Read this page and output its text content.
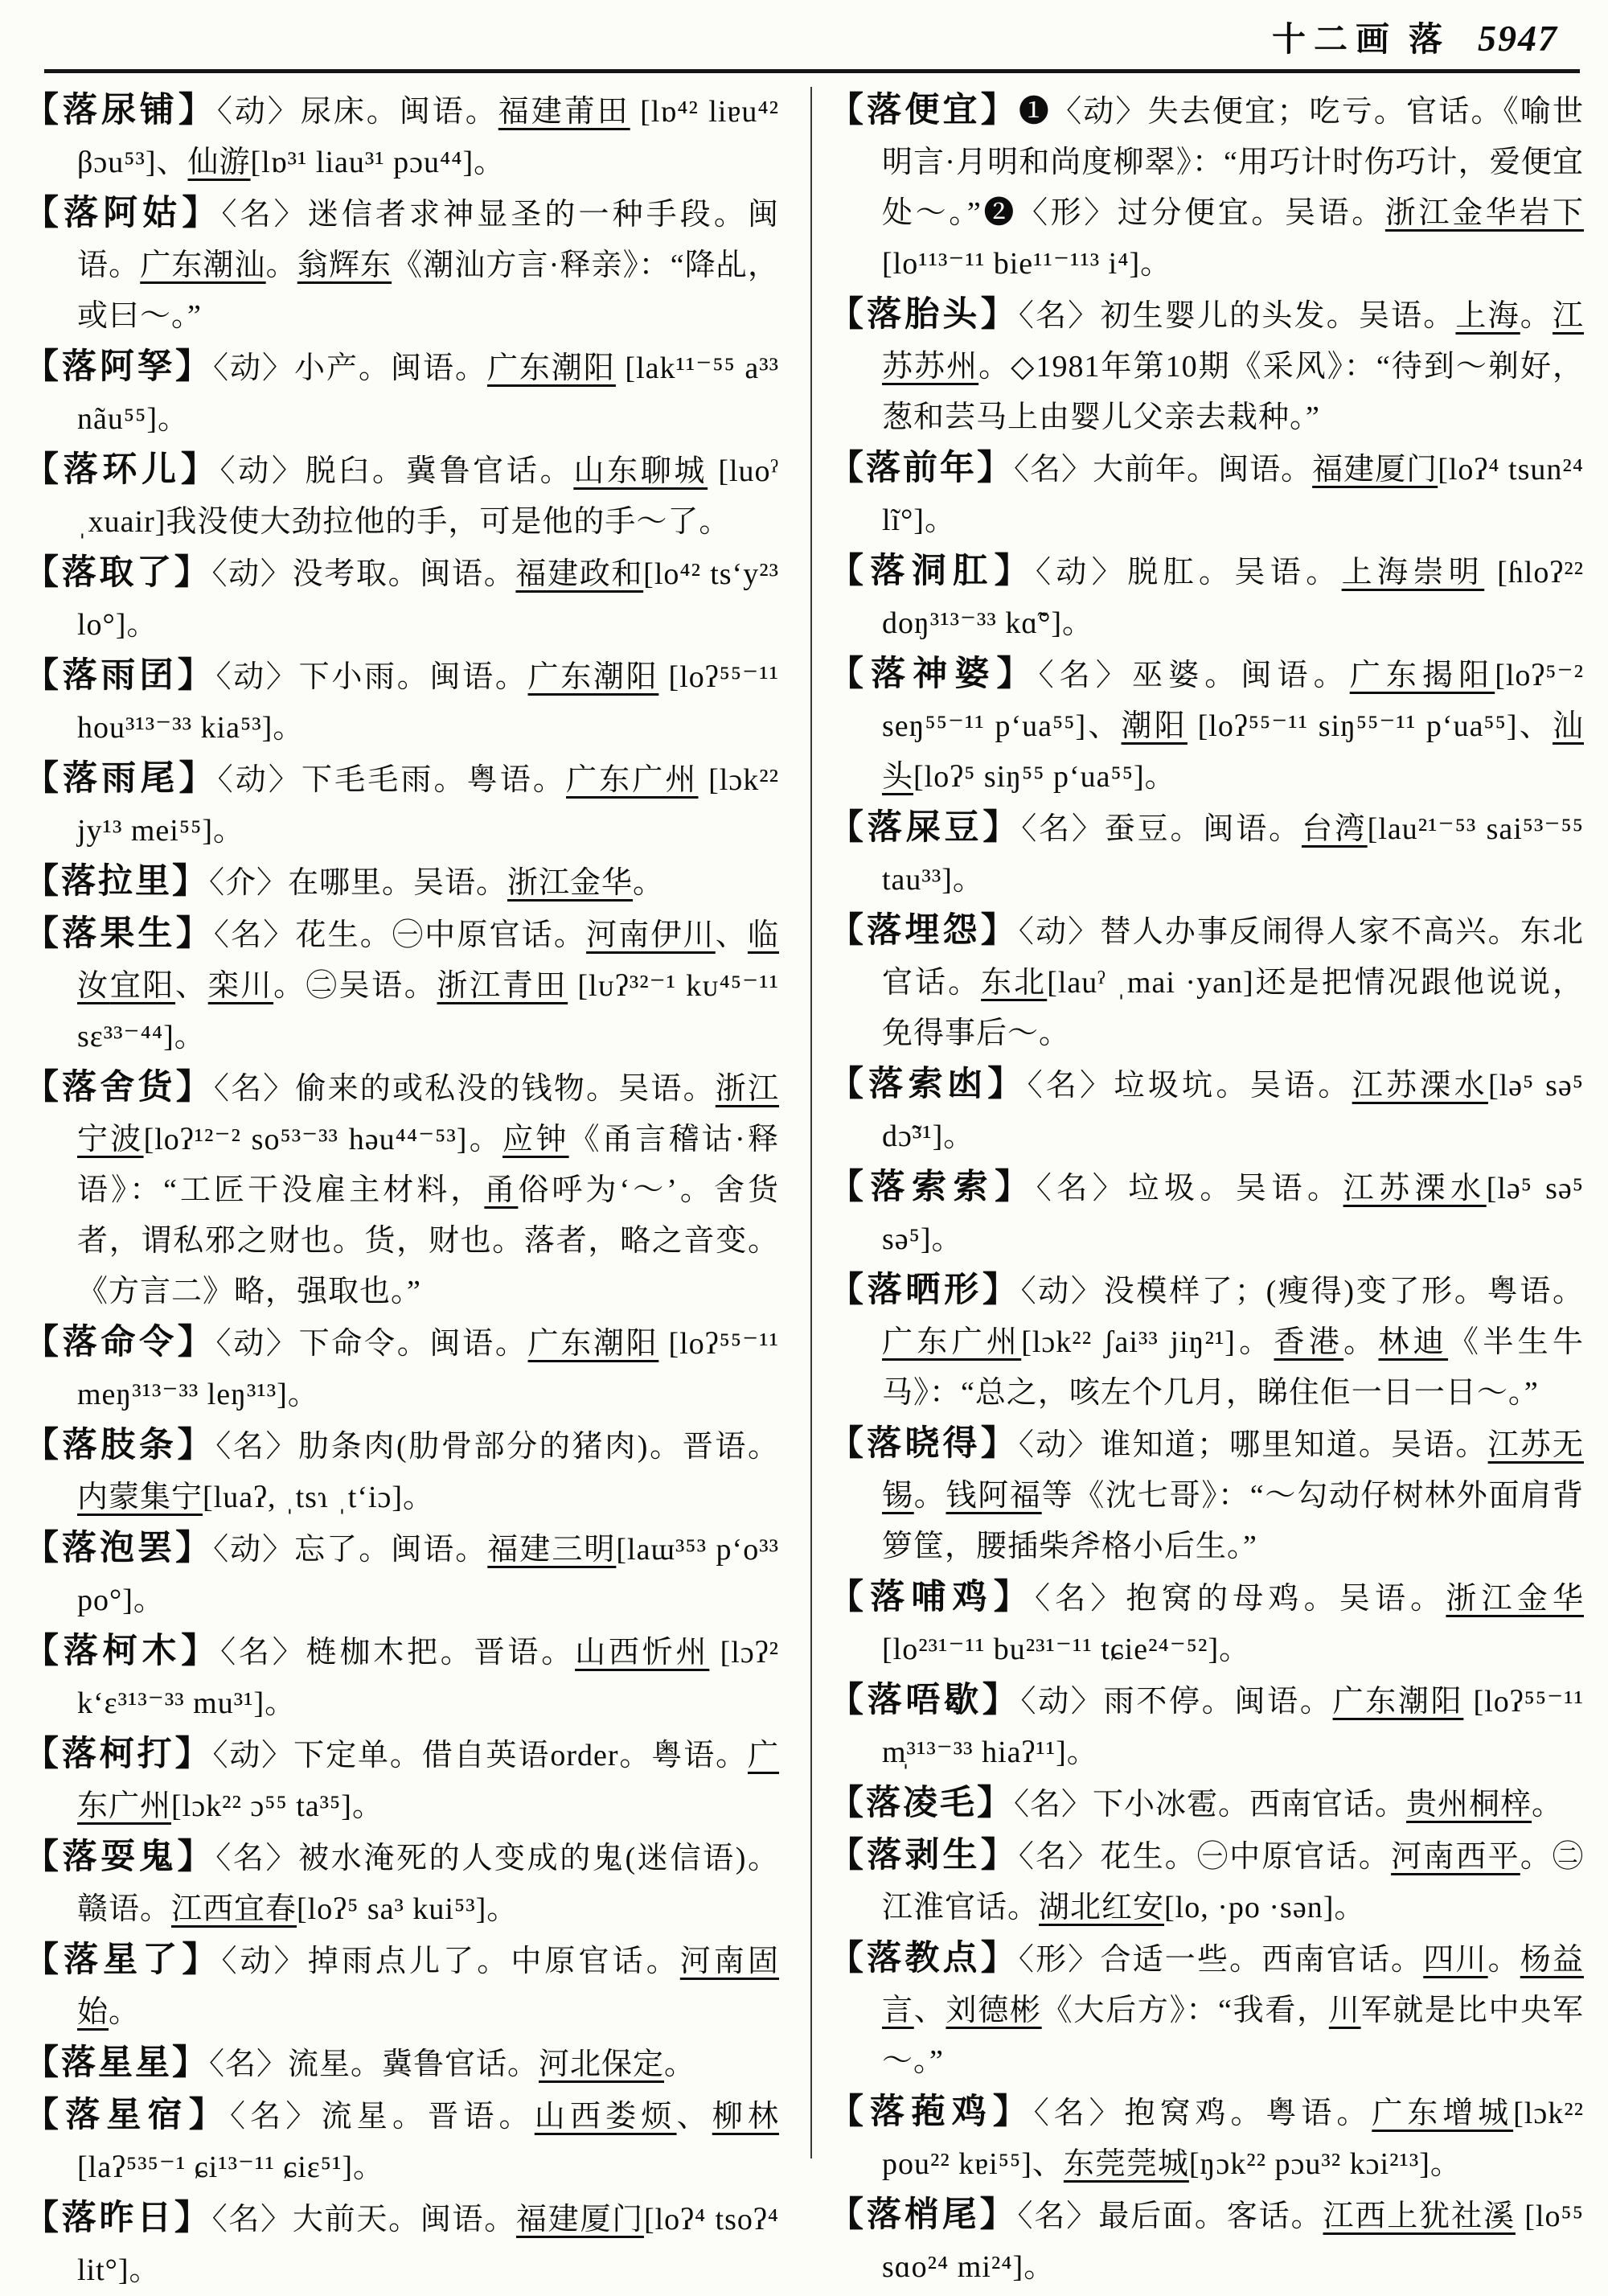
十二画 落 5947
【落尿铺】〈动〉尿床。闽语。福建莆田 [lɒ⁴² liɐu⁴² βɔu⁵³]、仙游[lɒ³¹ liau³¹ pɔu⁴⁴]。
【落阿姑】〈名〉迷信者求神显圣的一种手段。闽语。广东潮汕。翁辉东《潮汕方言·释亲》：“降乩，或曰～。”
【落阿孥】〈动〉小产。闽语。广东潮阳 [lak¹¹⁻⁵⁵ a³³ nãu⁵⁵]。
【落环儿】〈动〉脱臼。冀鲁官话。山东聊城 [luoˀ ˌxuair]我没使大劲拉他的手，可是他的手～了。
【落取了】〈动〉没考取。闽语。福建政和[lo⁴² tsʻy²³ lo°]。
【落雨囝】〈动〉下小雨。闽语。广东潮阳 [loʔ⁵⁵⁻¹¹ hou³¹³⁻³³ kia⁵³]。
【落雨尾】〈动〉下毛毛雨。粤语。广东广州 [lɔk²² jy¹³ mei⁵⁵]。
【落拉里】〈介〉在哪里。吴语。浙江金华。
【落果生】〈名〉花生。㊀中原官话。河南伊川、临汝宜阳、栾川。㊁吴语。浙江青田 [lᴜʔ³²⁻¹ kᴜ⁴⁵⁻¹¹ sɛ³³⁻⁴⁴]。
【落舍货】〈名〉偷来的或私没的钱物。吴语。浙江宁波[loʔ¹²⁻² so⁵³⁻³³ həu⁴⁴⁻⁵³]。应钟《甬言稽诂·释语》：“工匠干没雇主材料，甬俗呼为‘～’。舍货者，谓私邪之财也。货，财也。落者，略之音变。《方言二》略，强取也。”
【落命令】〈动〉下命令。闽语。广东潮阳 [loʔ⁵⁵⁻¹¹ meŋ³¹³⁻³³ leŋ³¹³]。
【落肢条】〈名〉肋条肉(肋骨部分的猪肉)。晋语。内蒙集宁[luaʔ, ˌtsɿ ˌtʻiɔ]。
【落泡罢】〈动〉忘了。闽语。福建三明[laɯ³⁵³ pʻo³³ po°]。
【落柯木】〈名〉梿枷木把。晋语。山西忻州 [lɔʔ² kʻɛ³¹³⁻³³ mu³¹]。
【落柯打】〈动〉下定单。借自英语order。粤语。广东广州[lɔk²² ɔ⁵⁵ ta³⁵]。
【落耍鬼】〈名〉被水淹死的人变成的鬼(迷信语)。赣语。江西宜春[loʔ⁵ sa³ kui⁵³]。
【落星了】〈动〉掉雨点儿了。中原官话。河南固始。
【落星星】〈名〉流星。冀鲁官话。河北保定。
【落星宿】〈名〉流星。晋语。山西娄烦、柳林 [laʔ⁵³⁵⁻¹ ɕi¹³⁻¹¹ ɕiɛ⁵¹]。
【落昨日】〈名〉大前天。闽语。福建厦门[loʔ⁴ tsoʔ⁴ lit°]。
【落便宜】❶〈动〉失去便宜；吃亏。官话。《喻世明言·月明和尚度柳翠》：“用巧计时伤巧计，爱便宜处～。”❷〈形〉过分便宜。吴语。浙江金华岩下 [lo¹¹³⁻¹¹ bie¹¹⁻¹¹³ i⁴]。
【落胎头】〈名〉初生婴儿的头发。吴语。上海。江苏苏州。◇1981年第10期《采风》：“待到～剃好，葱和芸马上由婴儿父亲去栽种。”
【落前年】〈名〉大前年。闽语。福建厦门[loʔ⁴ tsun²⁴ lĩ°]。
【落洞肛】〈动〉脱肛。吴语。上海崇明 [ɦloʔ²² doŋ³¹³⁻³³ kɑ̃°]。
【落神婆】〈名〉巫婆。闽语。广东揭阳[loʔ⁵⁻² seŋ⁵⁵⁻¹¹ pʻua⁵⁵]、潮阳 [loʔ⁵⁵⁻¹¹ siŋ⁵⁵⁻¹¹ pʻua⁵⁵]、汕头[loʔ⁵ siŋ⁵⁵ pʻua⁵⁵]。
【落屎豆】〈名〉蚕豆。闽语。台湾[lau²¹⁻⁵³ sai⁵³⁻⁵⁵ tau³³]。
【落埋怨】〈动〉替人办事反闹得人家不高兴。东北官话。东北[lauˀ ˌmai ·yan]还是把情况跟他说说，免得事后～。
【落索凼】〈名〉垃圾坑。吴语。江苏溧水[lə⁵ sə⁵ dɔ̃³¹]。
【落索索】〈名〉垃圾。吴语。江苏溧水[lə⁵ sə⁵ sə⁵]。
【落晒形】〈动〉没模样了；(瘦得)变了形。粤语。广东广州[lɔk²² ʃai³³ jiŋ²¹]。香港。林迪《半生牛马》：“总之，咳左个几月，睇住佢一日一日～。”
【落晓得】〈动〉谁知道；哪里知道。吴语。江苏无锡。钱阿福等《沈七哥》：“～勾动仔树林外面肩背箩筐，腰插柴斧格小后生。”
【落哺鸡】〈名〉抱窝的母鸡。吴语。浙江金华[lo²³¹⁻¹¹ bu²³¹⁻¹¹ tɕie²⁴⁻⁵²]。
【落唔歇】〈动〉雨不停。闽语。广东潮阳 [loʔ⁵⁵⁻¹¹ m̩³¹³⁻³³ hiaʔ¹¹]。
【落凌毛】〈名〉下小冰雹。西南官话。贵州桐梓。
【落剥生】〈名〉花生。㊀中原官话。河南西平。㊁江淮官话。湖北红安[lo, ·po ·sən]。
【落教点】〈形〉合适一些。西南官话。四川。杨益言、刘德彬《大后方》：“我看，川军就是比中央军～。”
【落菢鸡】〈名〉抱窝鸡。粤语。广东增城[lɔk²² pou²² kɐi⁵⁵]、东莞莞城[ŋɔk²² pɔu³² kɔi²¹³]。
【落梢尾】〈名〉最后面。客话。江西上犹社溪 [lo⁵⁵ sɑo²⁴ mi²⁴]。
